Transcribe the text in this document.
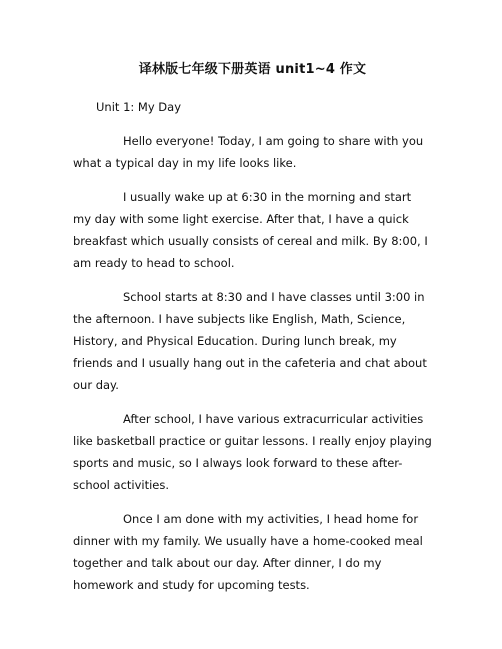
译林版七年级下册英语 unit1~4 作文

Unit 1: My Day

Hello everyone! Today, I am going to share with you what a typical day in my life looks like.

I usually wake up at 6:30 in the morning and start my day with some light exercise. After that, I have a quick breakfast which usually consists of cereal and milk. By 8:00, I am ready to head to school.

School starts at 8:30 and I have classes until 3:00 in the afternoon. I have subjects like English, Math, Science, History, and Physical Education. During lunch break, my friends and I usually hang out in the cafeteria and chat about our day.

After school, I have various extracurricular activities like basketball practice or guitar lessons. I really enjoy playing sports and music, so I always look forward to these after-school activities.

Once I am done with my activities, I head home for dinner with my family. We usually have a home-cooked meal together and talk about our day. After dinner, I do my homework and study for upcoming tests.
